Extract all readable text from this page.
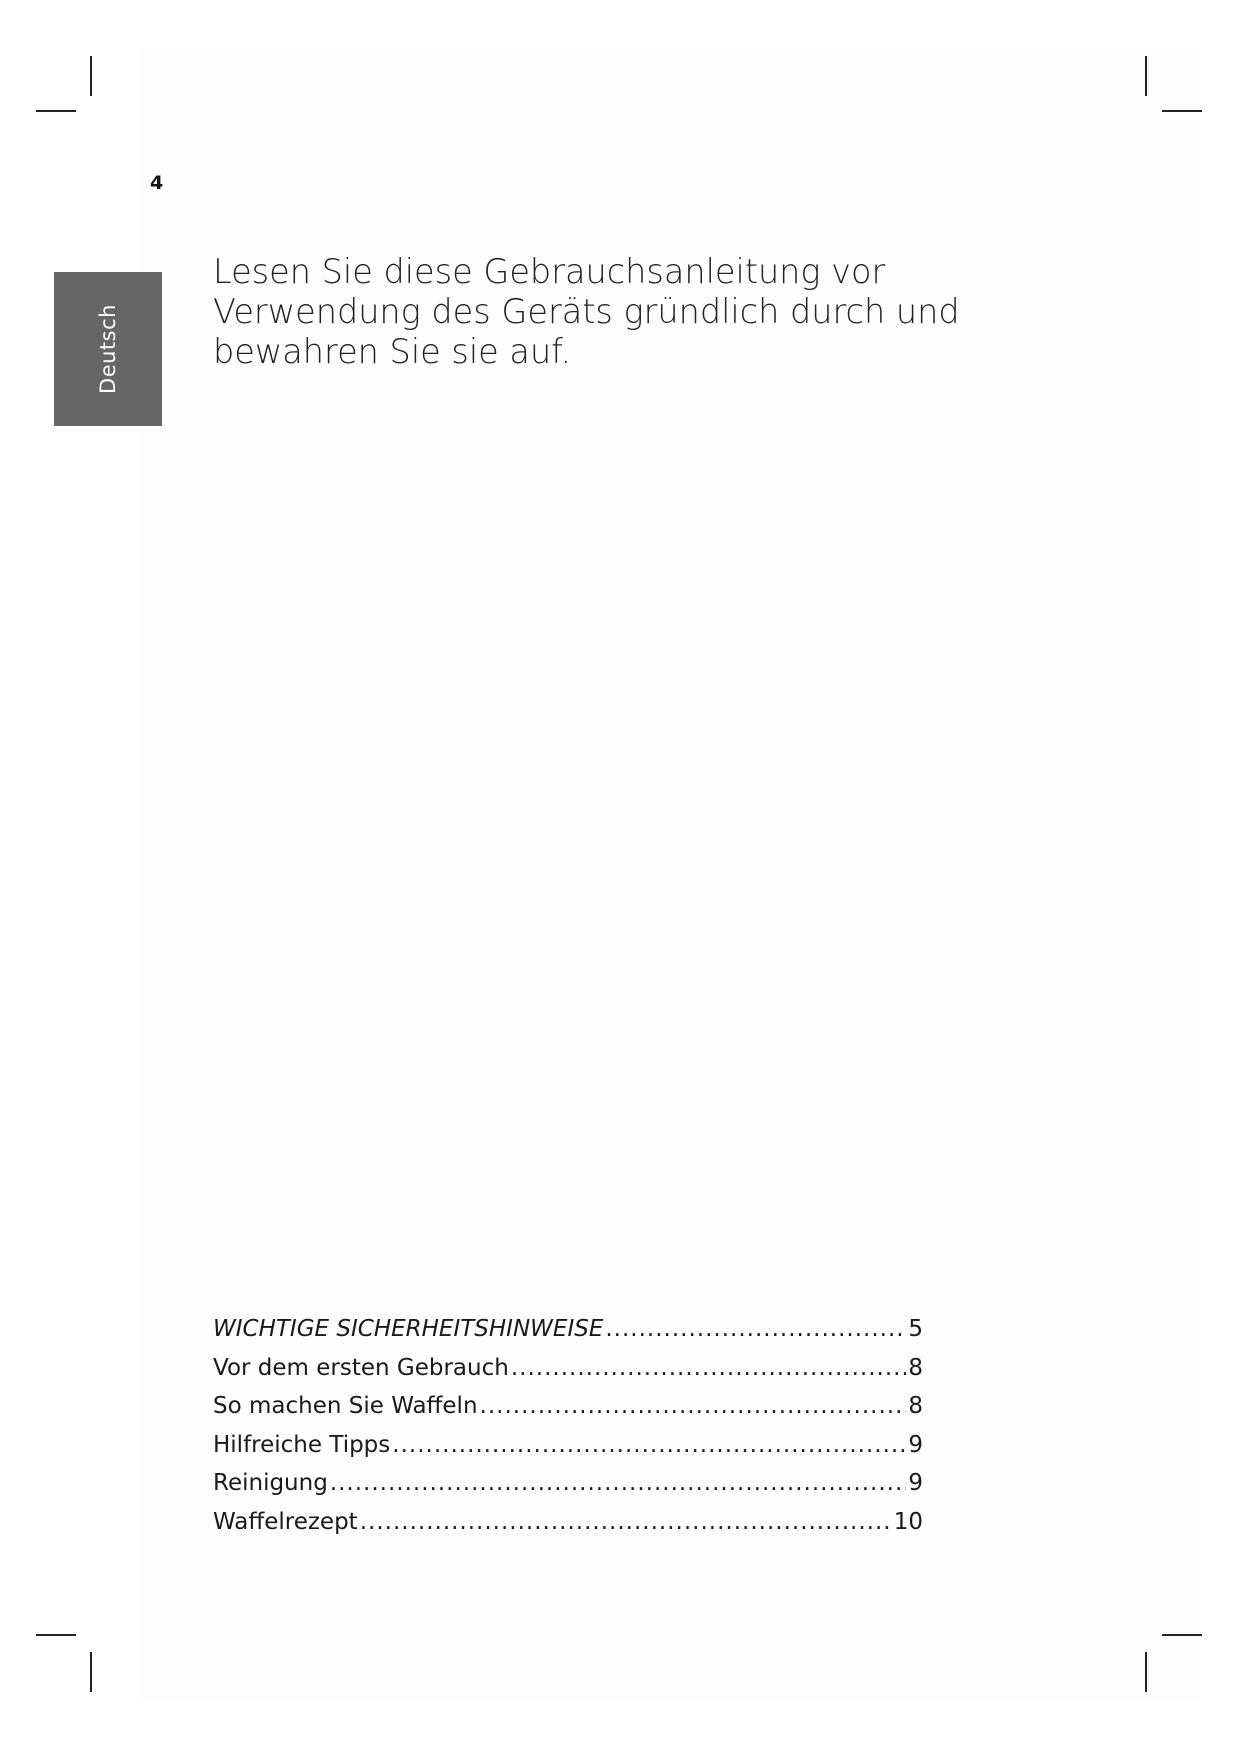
4
Deutsch
Lesen Sie diese Gebrauchsanleitung vor
Verwendung des Geräts gründlich durch und
bewahren Sie sie auf.
WICHTIGE SICHERHEITSHINWEISE .....	5
Vor dem ersten Gebrauch .....	8
So machen Sie Waffeln .....	8
Hilfreiche Tipps .....	9
Reinigung .....	9
Waffelrezept .....	10
